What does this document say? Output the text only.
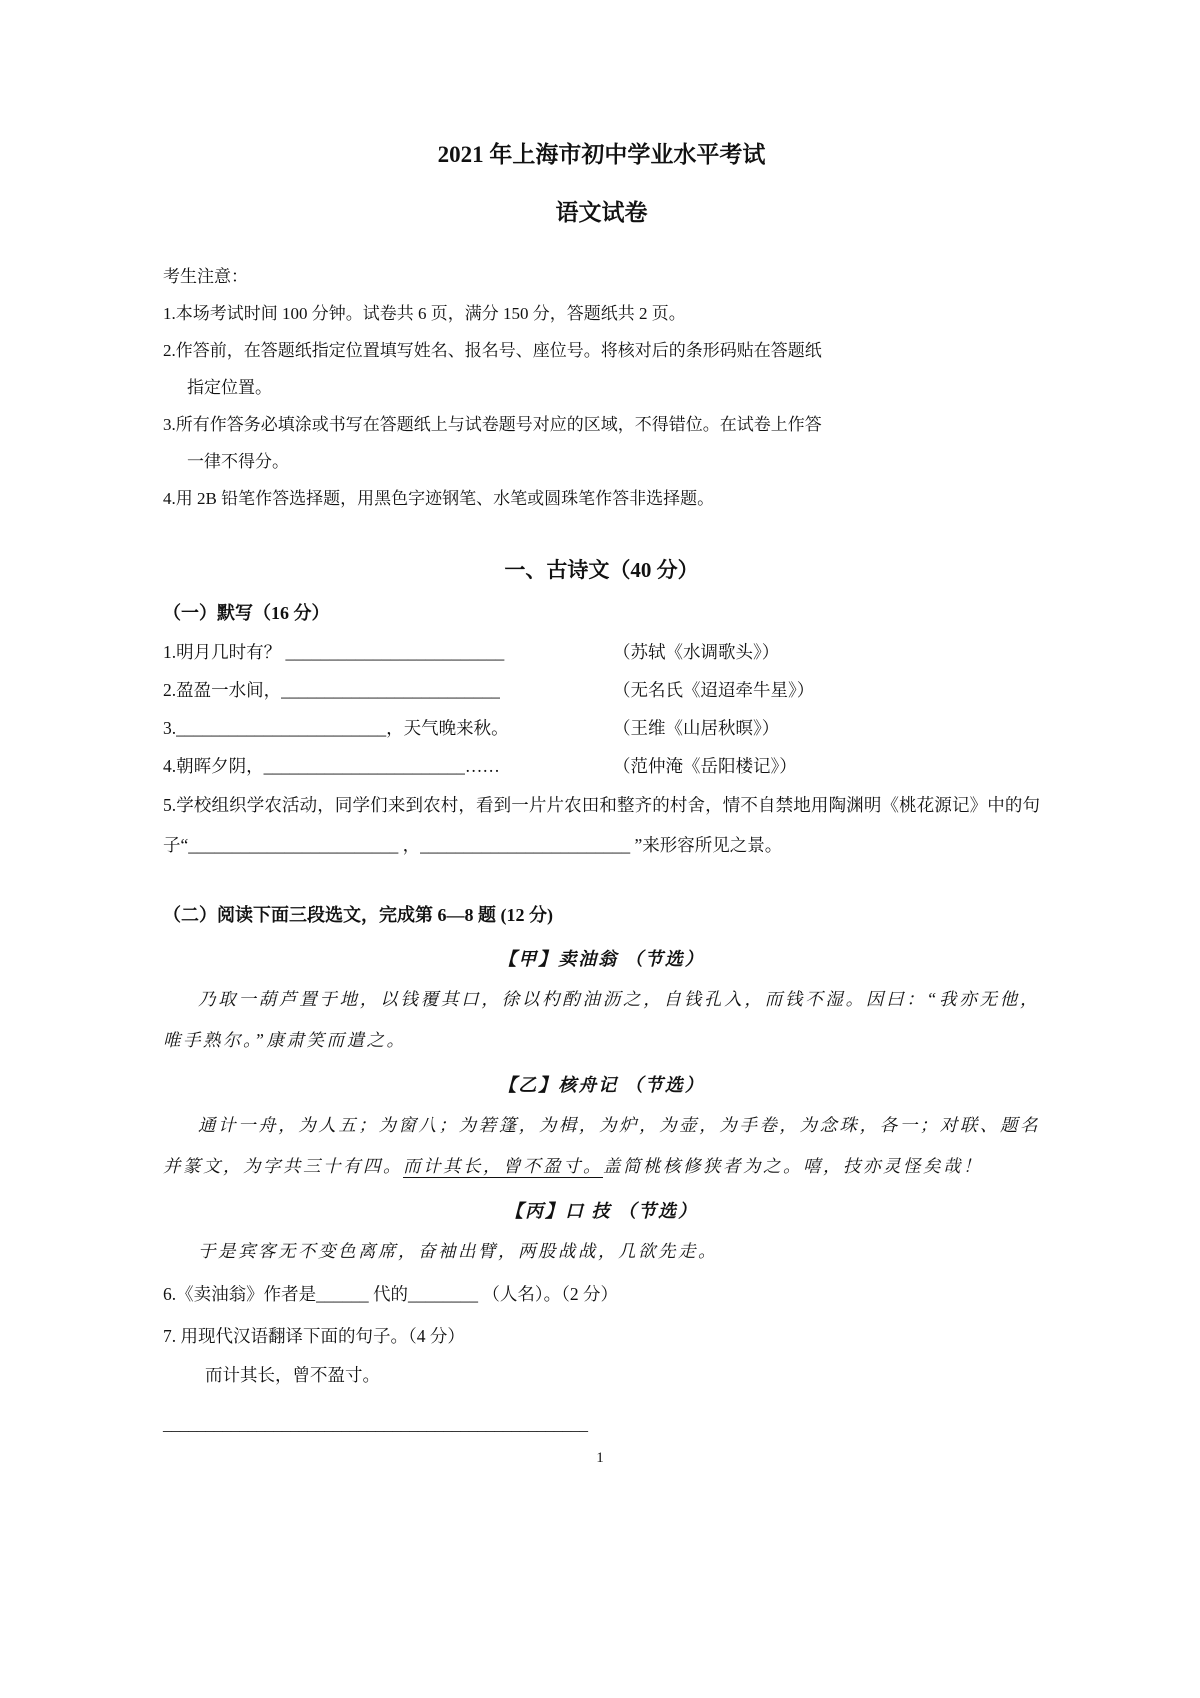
2021 年上海市初中学业水平考试
语文试卷
考生注意：
1.本场考试时间 100 分钟。试卷共 6 页，满分 150 分，答题纸共 2 页。
2.作答前，在答题纸指定位置填写姓名、报名号、座位号。将核对后的条形码贴在答题纸
指定位置。
3.所有作答务必填涂或书写在答题纸上与试卷题号对应的区域，不得错位。在试卷上作答
一律不得分。
4.用 2B 铅笔作答选择题，用黑色字迹钢笔、水笔或圆珠笔作答非选择题。
一、古诗文（40 分）
（一）默写（16 分）
1.明月几时有？ _________________________	（苏轼《水调歌头》）
2.盈盈一水间，_________________________	（无名氏《迢迢牵牛星》）
3.________________________，天气晚来秋。	（王维《山居秋暝》）
4.朝晖夕阴，_______________________……	（范仲淹《岳阳楼记》）

5.学校组织学农活动，同学们来到农村，看到一片片农田和整齐的村舍，情不自禁地用陶渊明《桃花源记》中的句子“________________________ ，________________________ ”来形容所见之景。

（二）阅读下面三段选文，完成第 6—8 题 (12 分)
【甲】卖油翁 （节选）

乃取一葫芦置于地，以钱覆其口，徐以杓酌油沥之，自钱孔入，而钱不湿。因曰：“我亦无他，唯手熟尔。”康肃笑而遣之。

【乙】核舟记 （节选）

通计一舟，为人五；为窗八；为箬篷，为楫，为炉，为壶，为手卷，为念珠，各一；对联、题名并篆文，为字共三十有四。而计其长，曾不盈寸。盖简桃核修狭者为之。嘻，技亦灵怪矣哉！

【丙】口 技 （节选）

于是宾客无不变色离席，奋袖出臂，两股战战，几欲先走。

6.《卖油翁》作者是______ 代的________ （人名）。（2 分）
7. 用现代汉语翻译下面的句子。（4 分）
而计其长，曾不盈寸。
__________________________________________________
1
